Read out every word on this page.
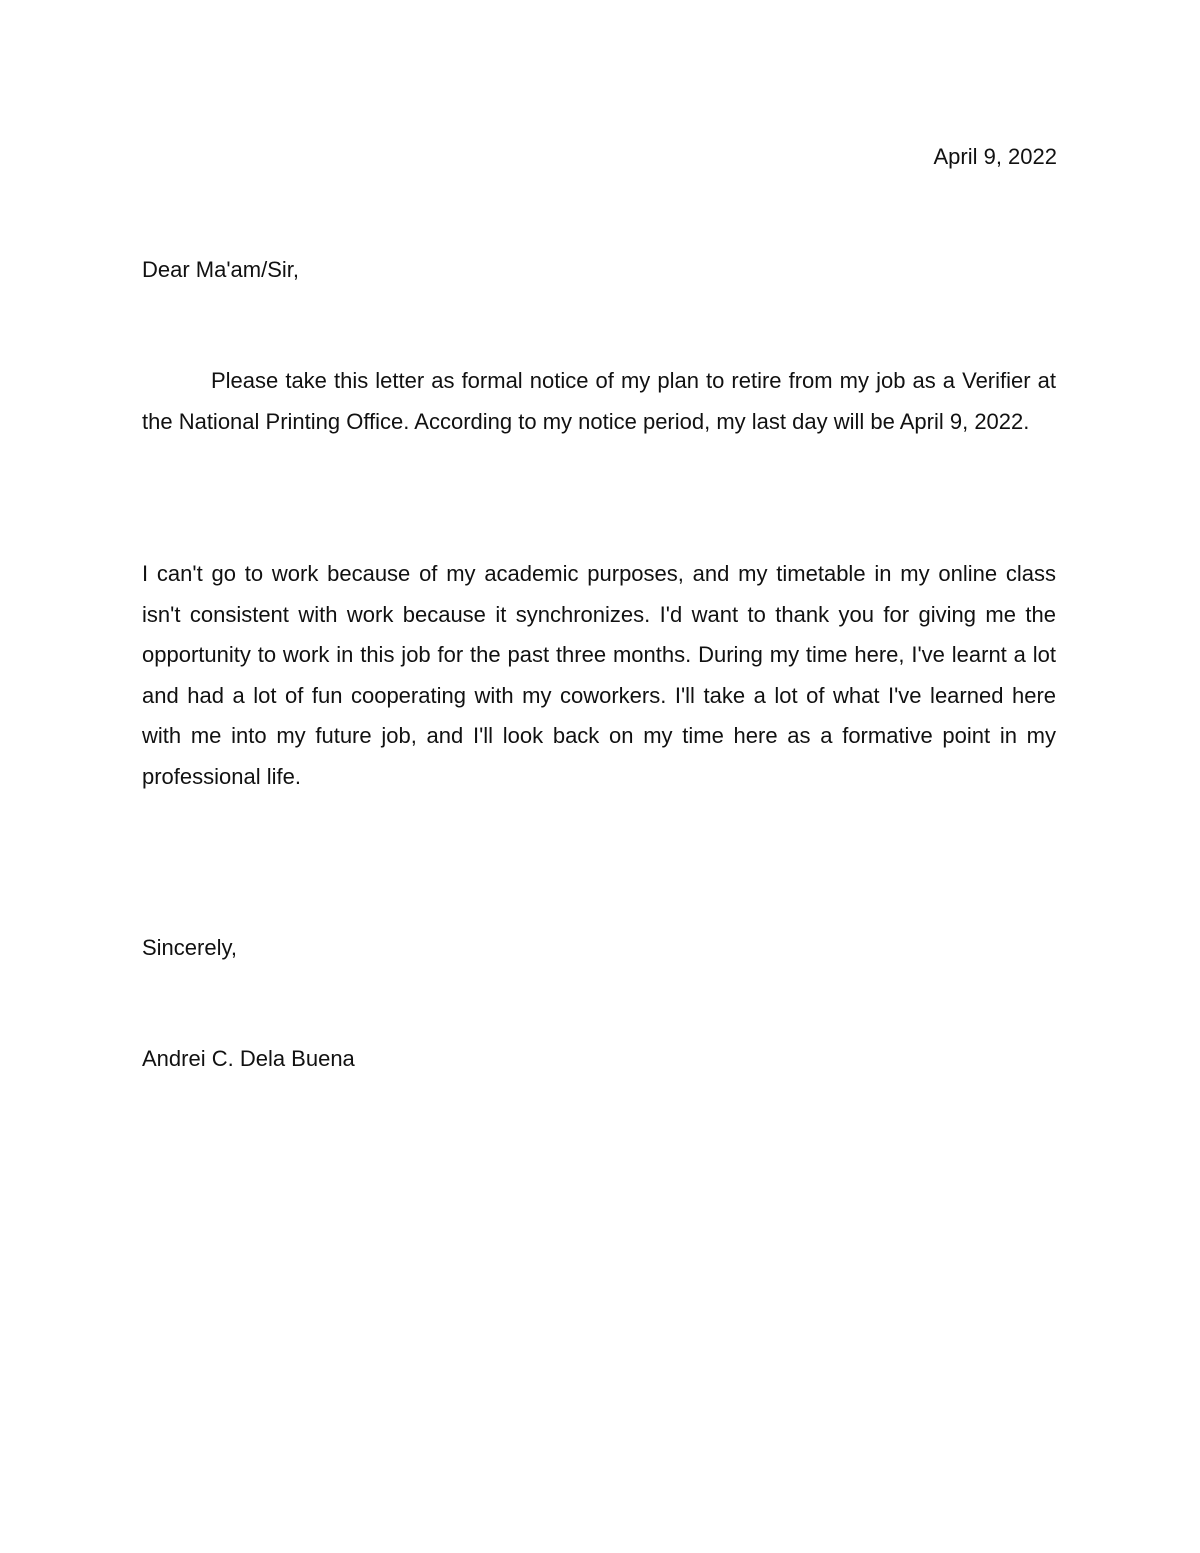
April 9, 2022
Dear Ma'am/Sir,

Please take this letter as formal notice of my plan to retire from my job as a Verifier at the National Printing Office. According to my notice period, my last day will be April 9, 2022.

I can't go to work because of my academic purposes, and my timetable in my online class isn't consistent with work because it synchronizes. I'd want to thank you for giving me the opportunity to work in this job for the past three months. During my time here, I've learnt a lot and had a lot of fun cooperating with my coworkers. I'll take a lot of what I've learned here with me into my future job, and I'll look back on my time here as a formative point in my professional life.

Sincerely,
Andrei C. Dela Buena
